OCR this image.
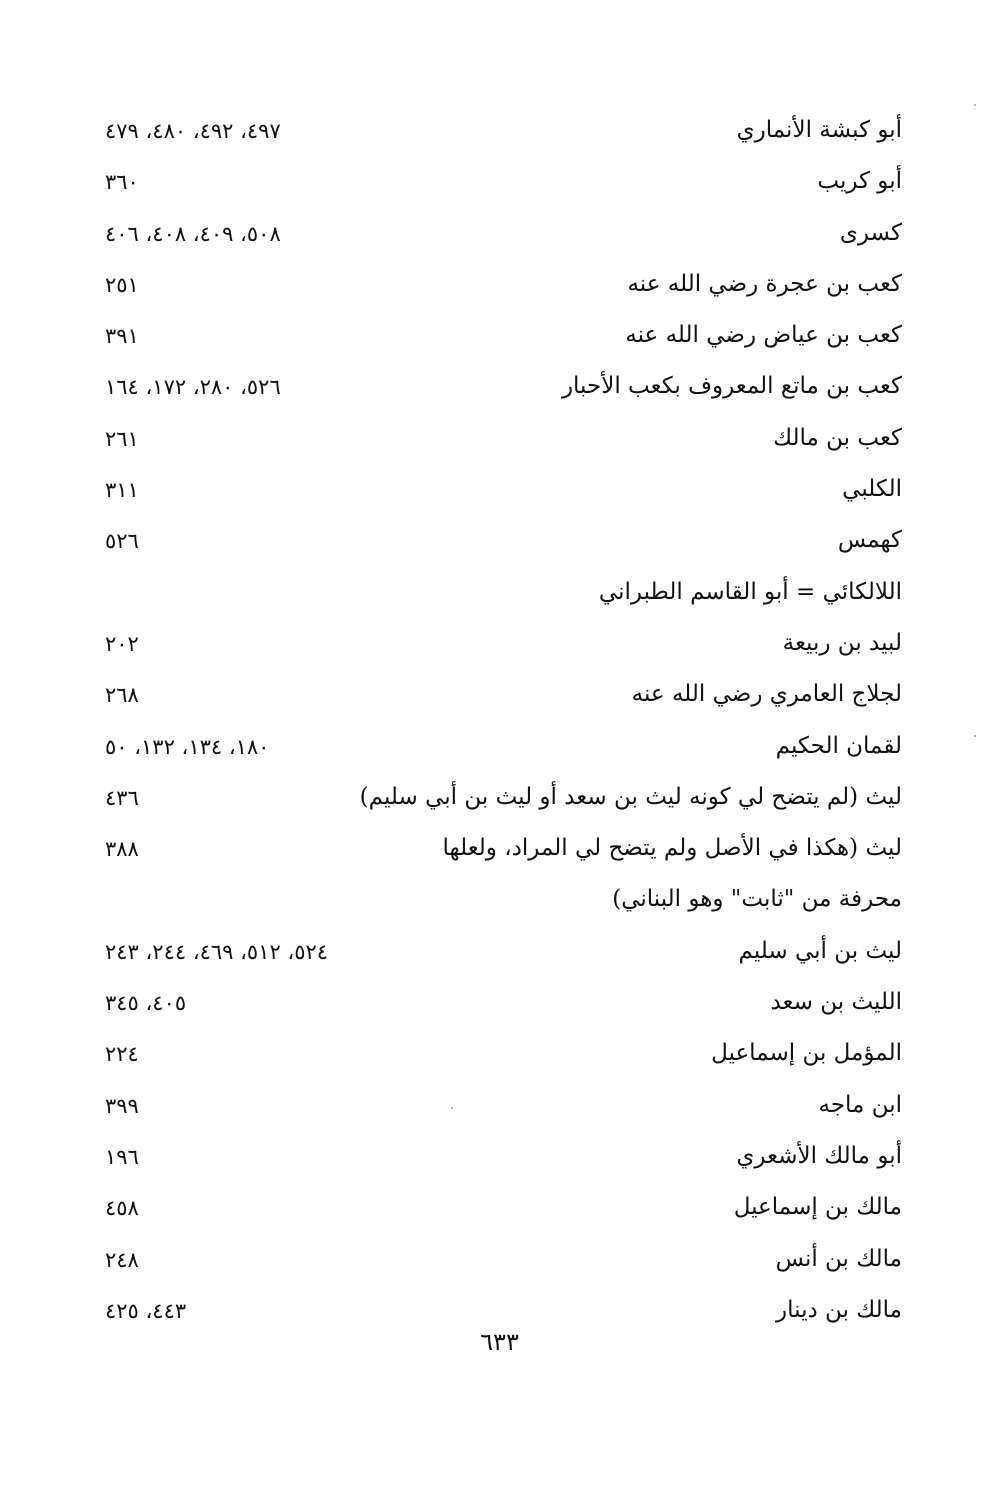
أبو كبشة الأنماري
٤٩٧، ٤٩٢، ٤٨٠، ٤٧٩
أبو كريب
٣٦٠
كسرى
٥٠٨، ٤٠٩، ٤٠٨، ٤٠٦
كعب بن عجرة رضي الله عنه
٢٥١
كعب بن عياض رضي الله عنه
٣٩١
كعب بن ماتع المعروف بكعب الأحبار
٥٢٦، ٢٨٠، ١٧٢، ١٦٤
كعب بن مالك
٢٦١
الكلبي
٣١١
كهمس
٥٢٦
اللالكائي = أبو القاسم الطبراني
لبيد بن ربيعة
٢٠٢
لجلاج العامري رضي الله عنه
٢٦٨
لقمان الحكيم
١٨٠، ١٣٤، ١٣٢، ٥٠
ليث (لم يتضح لي كونه ليث بن سعد أو ليث بن أبي سليم)
٤٣٦
ليث (هكذا في الأصل ولم يتضح لي المراد، ولعلها
٣٨٨
محرفة من "ثابت" وهو البناني)
ليث بن أبي سليم
٥٢٤، ٥١٢، ٤٦٩، ٢٤٤، ٢٤٣
الليث بن سعد
٤٠٥، ٣٤٥
المؤمل بن إسماعيل
٢٢٤
ابن ماجه
٣٩٩
أبو مالك الأشعري
١٩٦
مالك بن إسماعيل
٤٥٨
مالك بن أنس
٢٤٨
مالك بن دينار
٤٤٣، ٤٢٥
٦٣٣
